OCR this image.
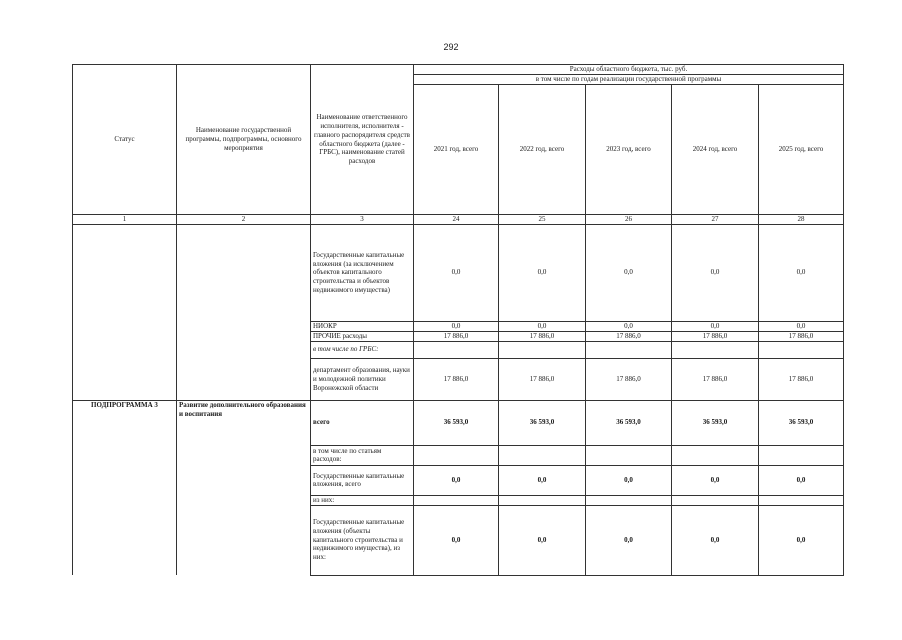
292
Статус	Наименование государственной программы, подпрограммы, основного мероприятия	Наименование ответственного исполнителя, исполнителя - главного распорядителя средств областного бюджета (далее - ГРБС), наименование статей расходов	Расходы областного бюджета, тыс. руб.				
			в том числе по годам реализации государственной программы				
			2021 год, всего	2022 год, всего	2023 год, всего	2024 год, всего	2025 год, всего
1	2	3	24	25	26	27	28
		Государственные капитальные вложения (за исключением объектов капитального строительства и объектов недвижимого имущества)	0,0	0,0	0,0	0,0	0,0
		НИОКР	0,0	0,0	0,0	0,0	0,0
		ПРОЧИЕ расходы	17 886,0	17 886,0	17 886,0	17 886,0	17 886,0
		в том числе по ГРБС:					
		департамент образования, науки и молодежной политики Воронежской области	17 886,0	17 886,0	17 886,0	17 886,0	17 886,0
ПОДПРОГРАММА 3	Развитие дополнительного образования и воспитания	всего	36 593,0	36 593,0	36 593,0	36 593,0	36 593,0
		в том числе по статьям расходов:					
		Государственные капитальные вложения, всего	0,0	0,0	0,0	0,0	0,0
		из них:					
		Государственные капитальные вложения (объекты капитального строительства и недвижимого имущества), из них:	0,0	0,0	0,0	0,0	0,0
